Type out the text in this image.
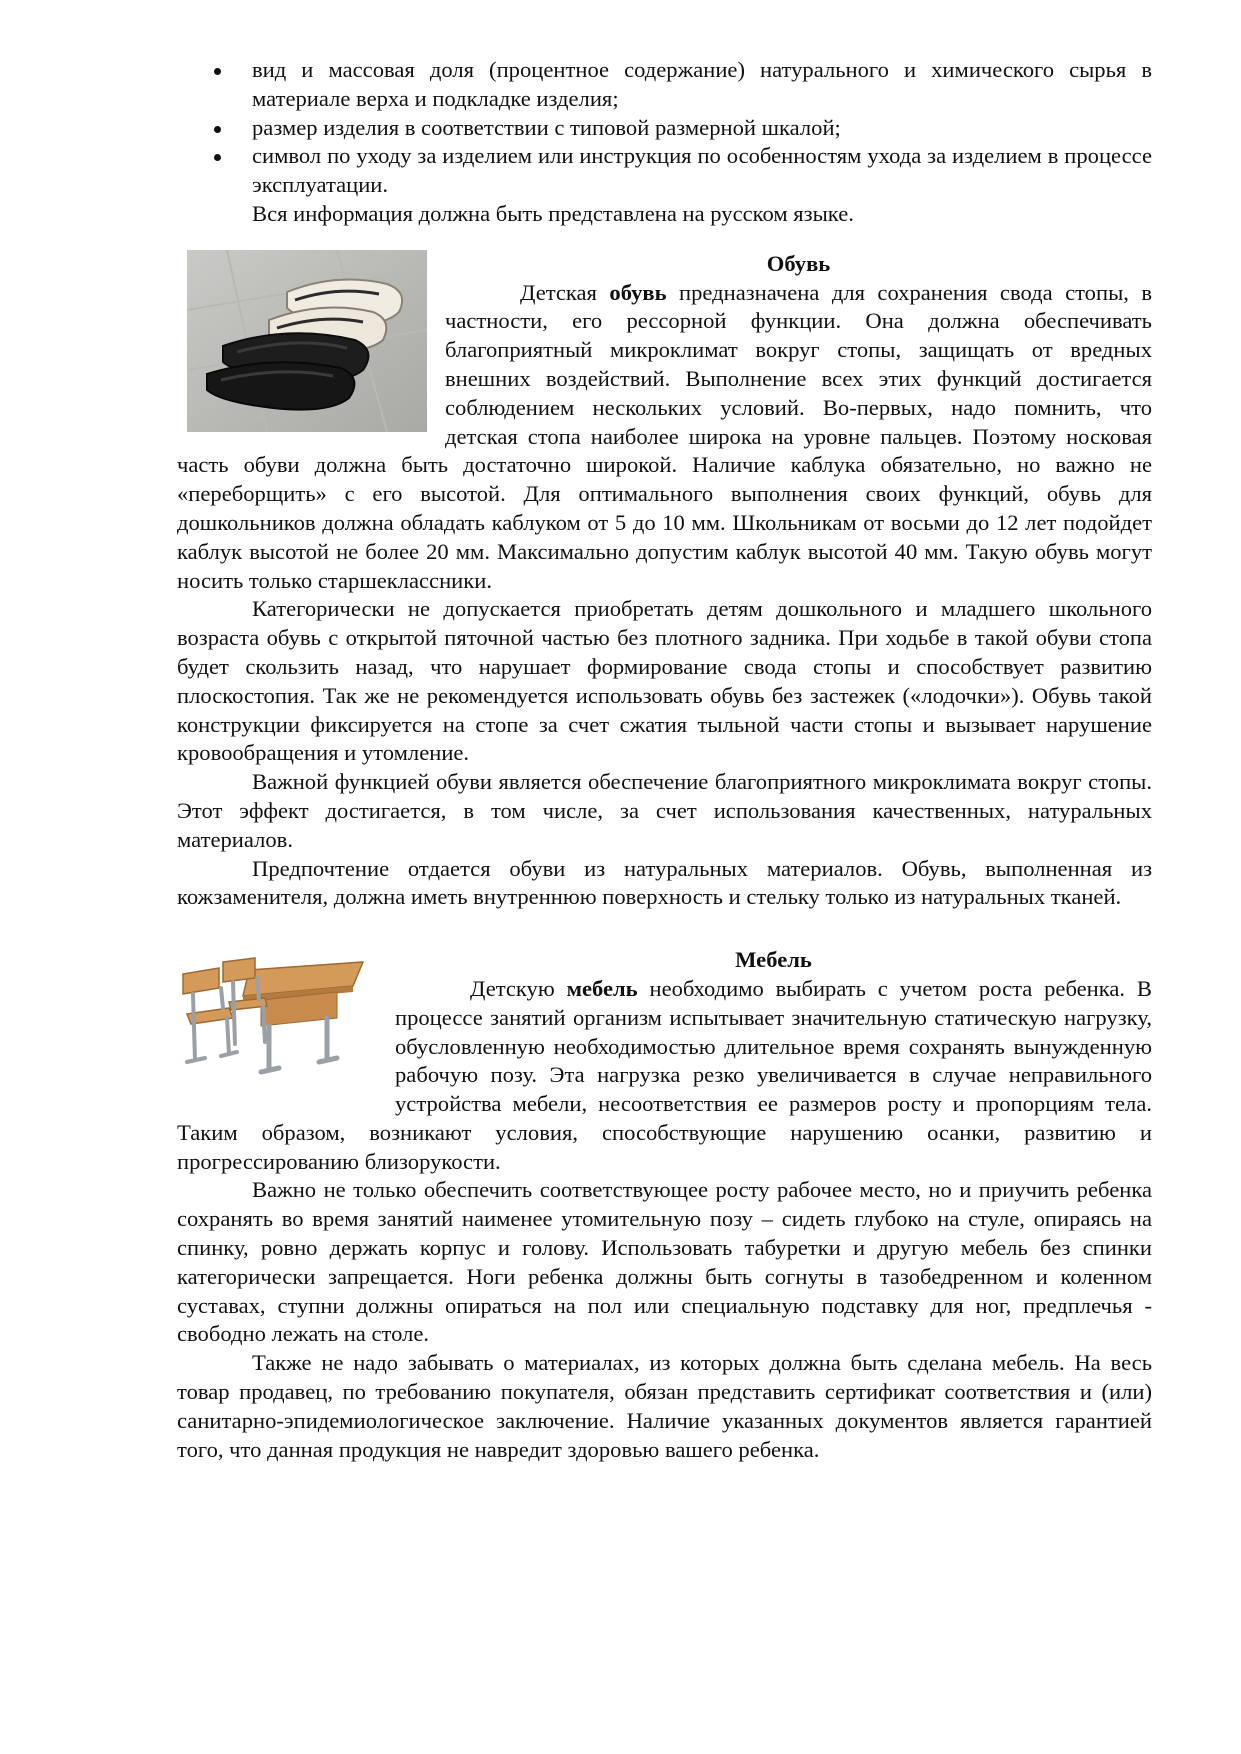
вид и массовая доля (процентное содержание) натурального и химического сырья в материале верха и подкладке изделия;
размер изделия в соответствии с типовой размерной шкалой;
символ по уходу за изделием или инструкция по особенностям ухода за изделием в процессе эксплуатации.

Вся информация должна быть представлена на русском языке.

Обувь

Детская обувь предназначена для сохранения свода стопы, в частности, его рессорной функции. Она должна обеспечивать благоприятный микроклимат вокруг стопы, защищать от вредных внешних воздействий. Выполнение всех этих функций достигается соблюдением нескольких условий. Во-первых, надо помнить, что детская стопа наиболее широка на уровне пальцев. Поэтому носковая часть обуви должна быть достаточно широкой. Наличие каблука обязательно, но важно не «переборщить» с его высотой. Для оптимального выполнения своих функций, обувь для дошкольников должна обладать каблуком от 5 до 10 мм. Школьникам от восьми до 12 лет подойдет каблук высотой не более 20 мм. Максимально допустим каблук высотой 40 мм. Такую обувь могут носить только старшеклассники.

Категорически не допускается приобретать детям дошкольного и младшего школьного возраста обувь с открытой пяточной частью без плотного задника. При ходьбе в такой обуви стопа будет скользить назад, что нарушает формирование свода стопы и способствует развитию плоскостопия. Так же не рекомендуется использовать обувь без застежек («лодочки»). Обувь такой конструкции фиксируется на стопе за счет сжатия тыльной части стопы и вызывает нарушение кровообращения и утомление.

Важной функцией обуви является обеспечение благоприятного микроклимата вокруг стопы. Этот эффект достигается, в том числе, за счет использования качественных, натуральных материалов.

Предпочтение отдается обуви из натуральных материалов. Обувь, выполненная из кожзаменителя, должна иметь внутреннюю поверхность и стельку только из натуральных тканей.

Мебель

Детскую мебель необходимо выбирать с учетом роста ребенка. В процессе занятий организм испытывает значительную статическую нагрузку, обусловленную необходимостью длительное время сохранять вынужденную рабочую позу. Эта нагрузка резко увеличивается в случае неправильного устройства мебели, несоответствия ее размеров росту и пропорциям тела. Таким образом, возникают условия, способствующие нарушению осанки, развитию и прогрессированию близорукости.

Важно не только обеспечить соответствующее росту рабочее место, но и приучить ребенка сохранять во время занятий наименее утомительную позу – сидеть глубоко на стуле, опираясь на спинку, ровно держать корпус и голову. Использовать табуретки и другую мебель без спинки категорически запрещается. Ноги ребенка должны быть согнуты в тазобедренном и коленном суставах, ступни должны опираться на пол или специальную подставку для ног, предплечья - свободно лежать на столе.

Также не надо забывать о материалах, из которых должна быть сделана мебель. На весь товар продавец, по требованию покупателя, обязан представить сертификат соответствия и (или) санитарно-эпидемиологическое заключение. Наличие указанных документов является гарантией того, что данная продукция не навредит здоровью вашего ребенка.
